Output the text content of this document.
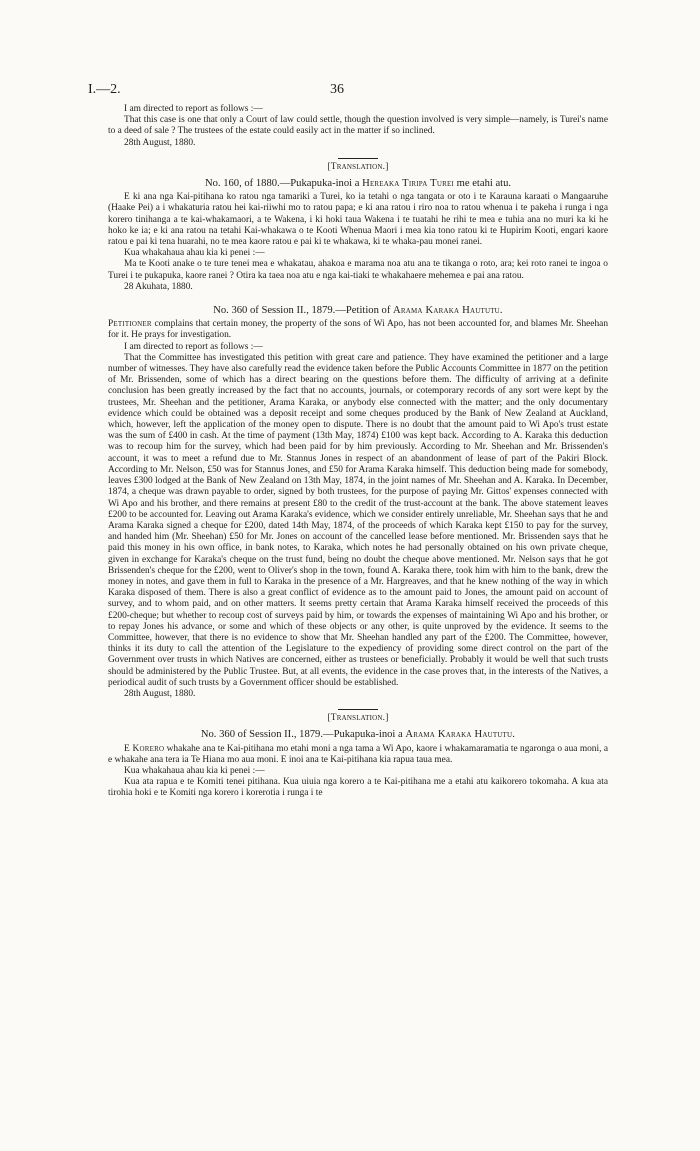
I.—2.	36

I am directed to report as follows :—

That this case is one that only a Court of law could settle, though the question involved is very simple—namely, is Turei's name to a deed of sale ? The trustees of the estate could easily act in the matter if so inclined.

28th August, 1880.

[Translation.]
No. 160, of 1880.—Pukapuka-inoi a Hereaka Tiripa Turei me etahi atu.

E ki ana nga Kai-pitihana ko ratou nga tamariki a Turei, ko ia tetahi o nga tangata or oto i te Karauna karaati o Mangaaruhe (Haake Pei) a i whakaturia ratou hei kai-riiwhi mo to ratou papa; e ki ana ratou i riro noa to ratou whenua i te pakeha i runga i nga korero tinihanga a te kai-whakamaori, a te Wakena, i ki hoki taua Wakena i te tuatahi he rihi te mea e tuhia ana no muri ka ki he hoko ke ia; e ki ana ratou na tetahi Kai-whakawa o te Kooti Whenua Maori i mea kia tono ratou ki te Hupirim Kooti, engari kaore ratou e pai ki tena huarahi, no te mea kaore ratou e pai ki te whakawa, ki te whaka-pau monei ranei.

Kua whakahaua ahau kia ki penei :—

Ma te Kooti anake o te ture tenei mea e whakatau, ahakoa e marama noa atu ana te tikanga o roto, ara; kei roto ranei te ingoa o Turei i te pukapuka, kaore ranei ? Otira ka taea noa atu e nga kai-tiaki te whakahaere mehemea e pai ana ratou.

28 Akuhata, 1880.

No. 360 of Session II., 1879.—Petition of Arama Karaka Haututu.

Petitioner complains that certain money, the property of the sons of Wi Apo, has not been accounted for, and blames Mr. Sheehan for it. He prays for investigation.

I am directed to report as follows :—

That the Committee has investigated this petition with great care and patience. They have examined the petitioner and a large number of witnesses. They have also carefully read the evidence taken before the Public Accounts Committee in 1877 on the petition of Mr. Brissenden, some of which has a direct bearing on the questions before them. The difficulty of arriving at a definite conclusion has been greatly increased by the fact that no accounts, journals, or cotemporary records of any sort were kept by the trustees, Mr. Sheehan and the petitioner, Arama Karaka, or anybody else connected with the matter; and the only documentary evidence which could be obtained was a deposit receipt and some cheques produced by the Bank of New Zealand at Auckland, which, however, left the application of the money open to dispute. There is no doubt that the amount paid to Wi Apo's trust estate was the sum of £400 in cash. At the time of payment (13th May, 1874) £100 was kept back. According to A. Karaka this deduction was to recoup him for the survey, which had been paid for by him previously. According to Mr. Sheehan and Mr. Brissenden's account, it was to meet a refund due to Mr. Stannus Jones in respect of an abandonment of lease of part of the Pakiri Block. According to Mr. Nelson, £50 was for Stannus Jones, and £50 for Arama Karaka himself. This deduction being made for somebody, leaves £300 lodged at the Bank of New Zealand on 13th May, 1874, in the joint names of Mr. Sheehan and A. Karaka. In December, 1874, a cheque was drawn payable to order, signed by both trustees, for the purpose of paying Mr. Gittos' expenses connected with Wi Apo and his brother, and there remains at present £80 to the credit of the trust-account at the bank. The above statement leaves £200 to be accounted for. Leaving out Arama Karaka's evidence, which we consider entirely unreliable, Mr. Sheehan says that he and Arama Karaka signed a cheque for £200, dated 14th May, 1874, of the proceeds of which Karaka kept £150 to pay for the survey, and handed him (Mr. Sheehan) £50 for Mr. Jones on account of the cancelled lease before mentioned. Mr. Brissenden says that he paid this money in his own office, in bank notes, to Karaka, which notes he had personally obtained on his own private cheque, given in exchange for Karaka's cheque on the trust fund, being no doubt the cheque above mentioned. Mr. Nelson says that he got Brissenden's cheque for the £200, went to Oliver's shop in the town, found A. Karaka there, took him with him to the bank, drew the money in notes, and gave them in full to Karaka in the presence of a Mr. Hargreaves, and that he knew nothing of the way in which Karaka disposed of them. There is also a great conflict of evidence as to the amount paid to Jones, the amount paid on account of survey, and to whom paid, and on other matters. It seems pretty certain that Arama Karaka himself received the proceeds of this £200-cheque; but whether to recoup cost of surveys paid by him, or towards the expenses of maintaining Wi Apo and his brother, or to repay Jones his advance, or some and which of these objects or any other, is quite unproved by the evidence. It seems to the Committee, however, that there is no evidence to show that Mr. Sheehan handled any part of the £200. The Committee, however, thinks it its duty to call the attention of the Legislature to the expediency of providing some direct control on the part of the Government over trusts in which Natives are concerned, either as trustees or beneficially. Probably it would be well that such trusts should be administered by the Public Trustee. But, at all events, the evidence in the case proves that, in the interests of the Natives, a periodical audit of such trusts by a Government officer should be established.

28th August, 1880.

[Translation.]
No. 360 of Session II., 1879.—Pukapuka-inoi a Arama Karaka Haututu.

E Korero whakahe ana te Kai-pitihana mo etahi moni a nga tama a Wi Apo, kaore i whakamaramatia te ngaronga o aua moni, a e whakahe ana tera ia Te Hiana mo aua moni. E inoi ana te Kai-pitihana kia rapua taua mea.

Kua whakahaua ahau kia ki penei :—

Kua ata rapua e te Komiti tenei pitihana. Kua uiuia nga korero a te Kai-pitihana me a etahi atu kaikorero tokomaha. A kua ata tirohia hoki e te Komiti nga korero i korerotia i runga i te
